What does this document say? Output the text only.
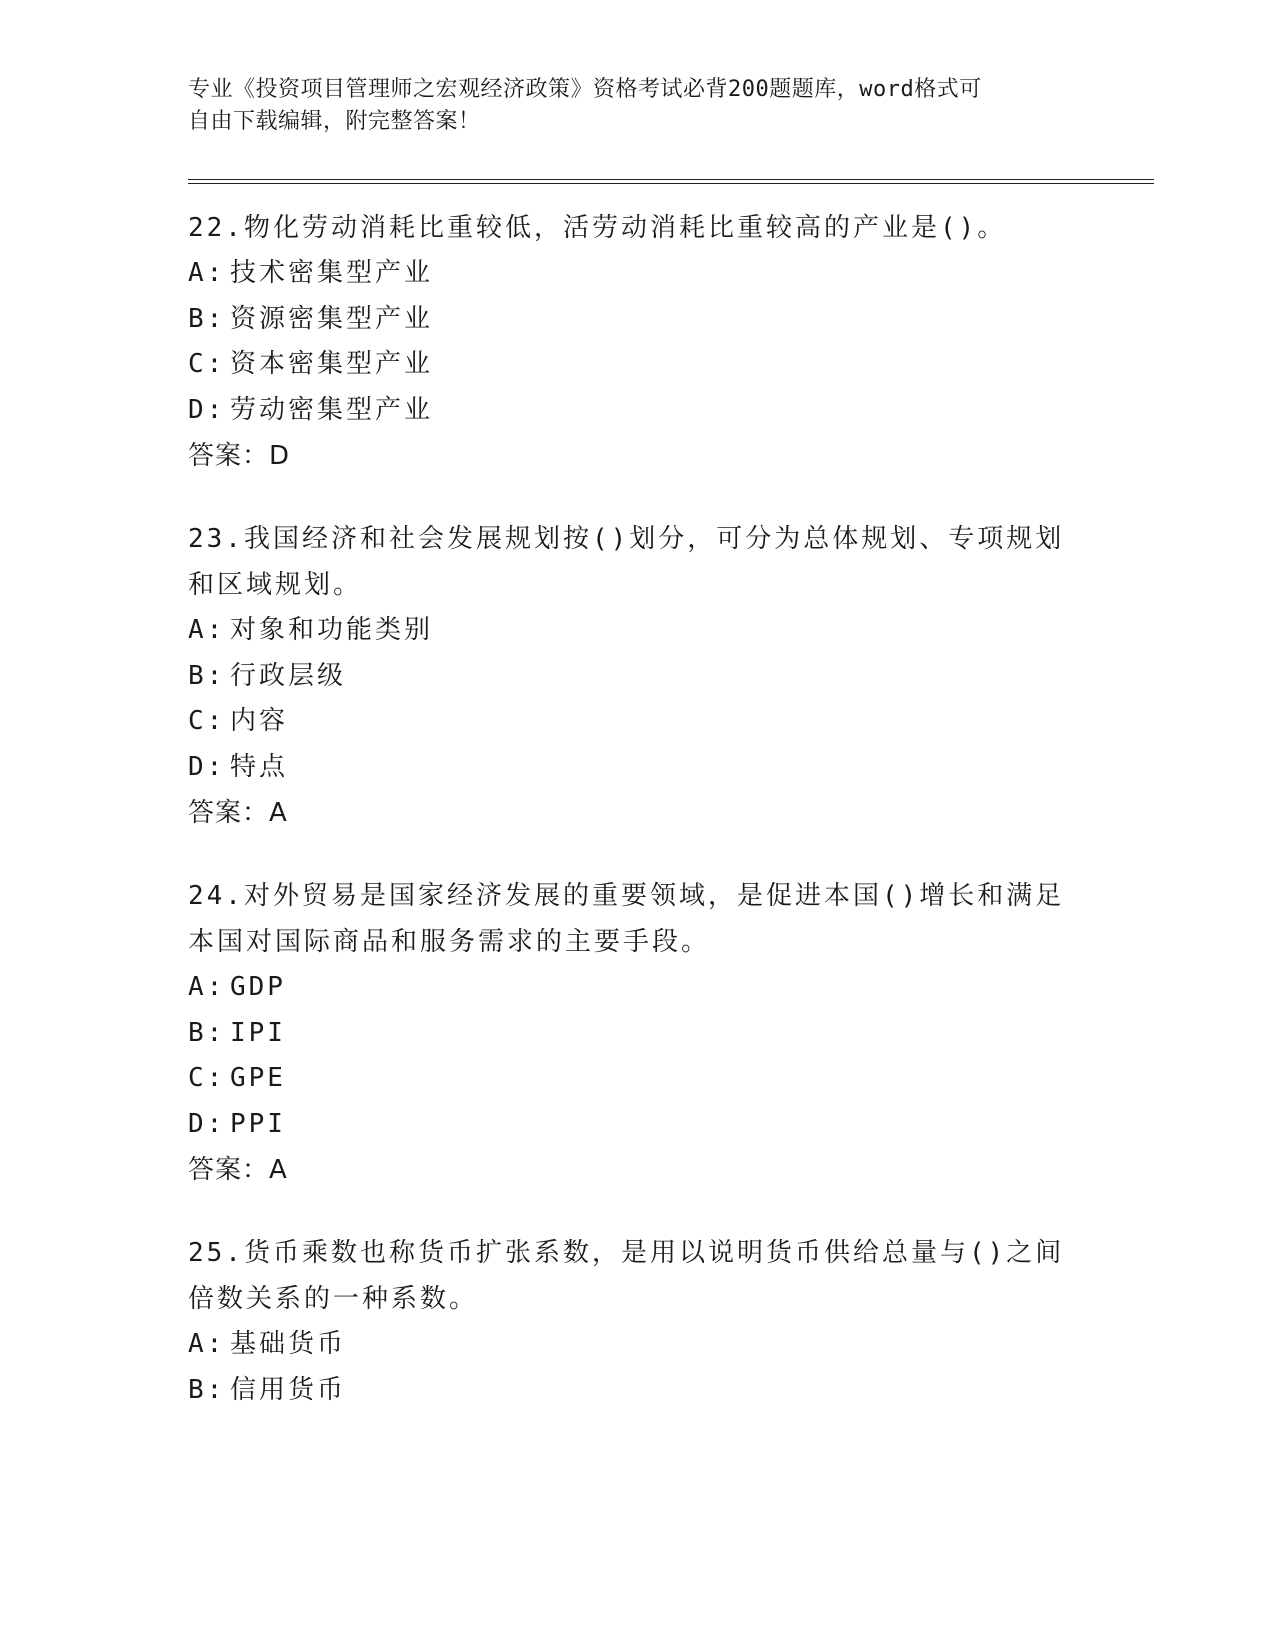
专业《投资项目管理师之宏观经济政策》资格考试必背200题题库，word格式可
自由下载编辑，附完整答案！

22.物化劳动消耗比重较低，活劳动消耗比重较高的产业是()。

A: 技术密集型产业

B: 资源密集型产业

C: 资本密集型产业

D: 劳动密集型产业

答案：D

23.我国经济和社会发展规划按()划分，可分为总体规划、专项规划和区域规划。

A: 对象和功能类别

B: 行政层级

C: 内容

D: 特点

答案：A

24.对外贸易是国家经济发展的重要领域，是促进本国()增长和满足本国对国际商品和服务需求的主要手段。

A: GDP

B: IPI

C: GPE

D: PPI

答案：A

25.货币乘数也称货币扩张系数，是用以说明货币供给总量与()之间倍数关系的一种系数。

A: 基础货币

B: 信用货币
